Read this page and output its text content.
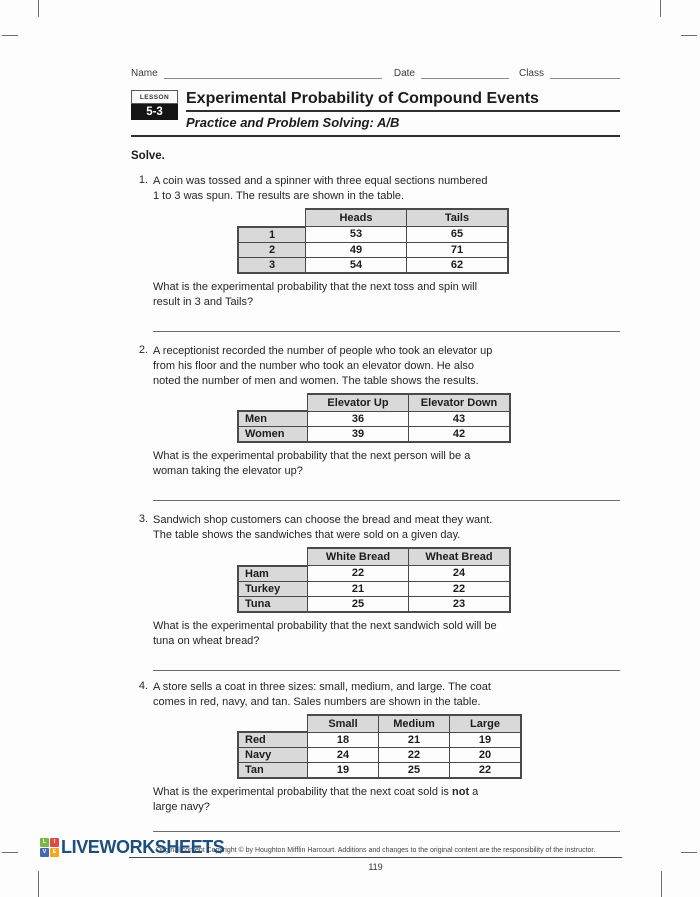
Name	Date	Class
LESSON
5-3
Experimental Probability of Compound Events
Practice and Problem Solving: A/B
Solve.
1. A coin was tossed and a spinner with three equal sections numbered
1 to 3 was spun. The results are shown in the table.
	Heads	Tails
1	53	65
2	49	71
3	54	62
What is the experimental probability that the next toss and spin will
result in 3 and Tails?
2. A receptionist recorded the number of people who took an elevator up
from his floor and the number who took an elevator down. He also
noted the number of men and women. The table shows the results.
	Elevator Up	Elevator Down
Men	36	43
Women	39	42
What is the experimental probability that the next person will be a
woman taking the elevator up?
3. Sandwich shop customers can choose the bread and meat they want.
The table shows the sandwiches that were sold on a given day.
	White Bread	Wheat Bread
Ham	22	24
Turkey	21	22
Tuna	25	23
What is the experimental probability that the next sandwich sold will be
tuna on wheat bread?
4. A store sells a coat in three sizes: small, medium, and large. The coat
comes in red, navy, and tan. Sales numbers are shown in the table.
	Small	Medium	Large
Red	18	21	19
Navy	24	22	20
Tan	19	25	22
What is the experimental probability that the next coat sold is not a
large navy?
Original content Copyright © by Houghton Mifflin Harcourt. Additions and changes to the original content are the responsibility of the instructor.
119
L	I
V	E LIVEWORKSHEETS
